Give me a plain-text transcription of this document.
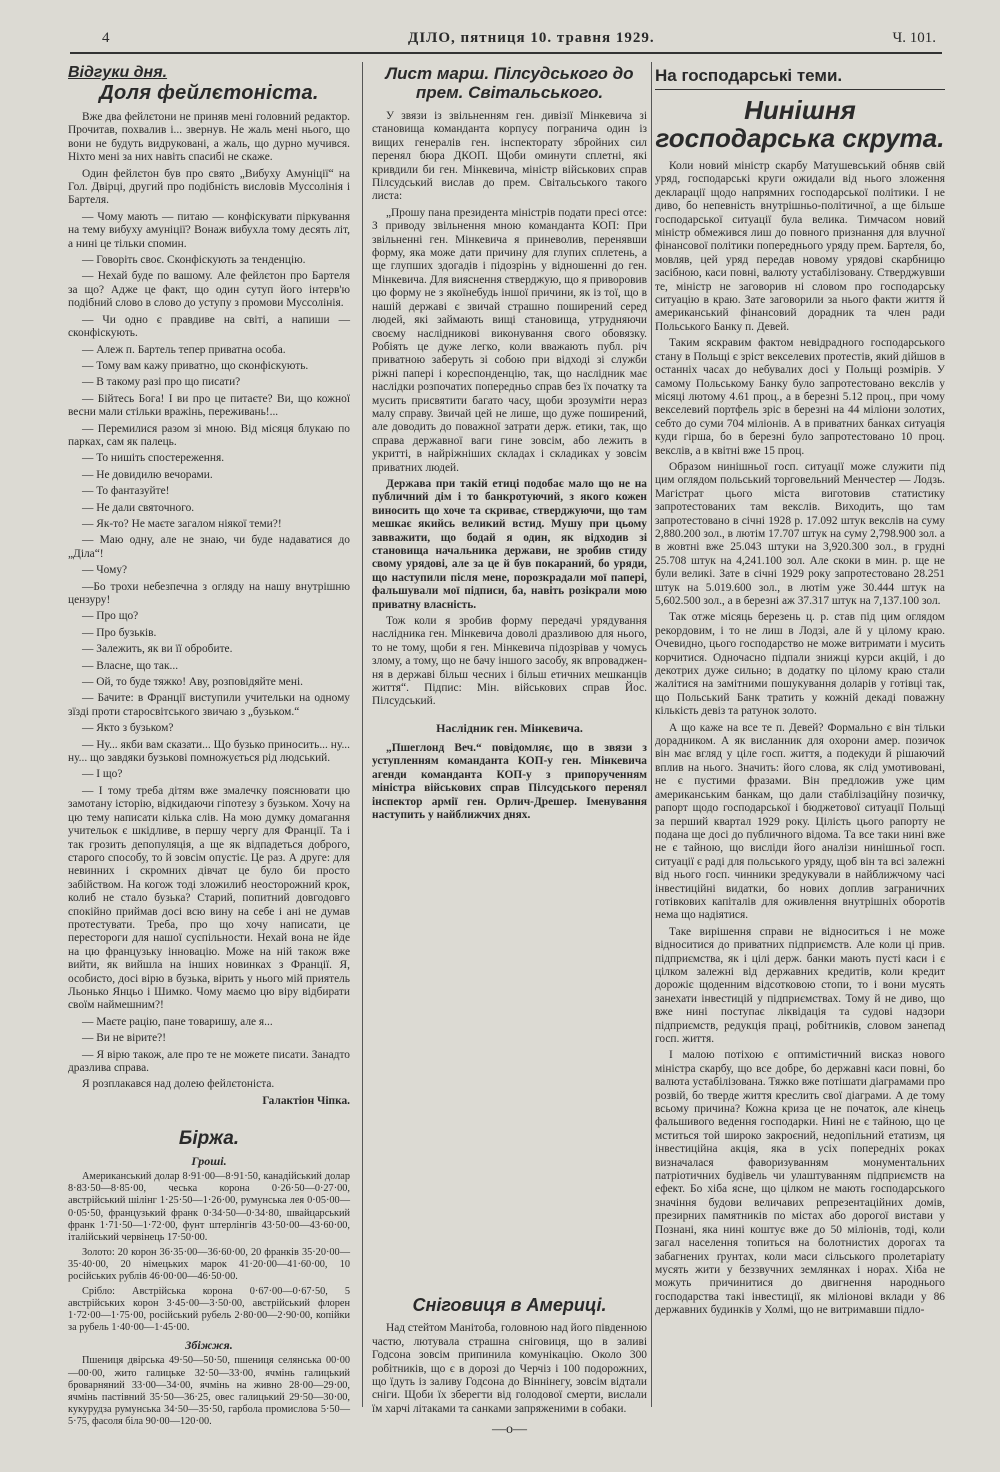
4	ДІЛО, пятниця 10. травня 1929.	Ч. 101.
Відгуки дня.
Доля фейлєтоніста.

Вже два фейлєтони не приняв мені головний редактор. Прочитав, похвалив і... звернув. Не жаль мені нього, що вони не будуть видруковані, а жаль, що дурно мучився. Ніхто мені за них навіть спасибі не скаже.

Один фейлєтон був про свято „Вибуху Амуніції“ на Гол. Двірці, другий про подібність висловів Муссолінія і Бартеля.

— Чому мають — питаю — конфіскувати піркування на тему вибуху амуніції? Вонаж вибухла тому десять літ, а нині це тільки спомин.

— Говоріть своє. Сконфіскують за тенденцію.

— Нехай буде по вашому. Але фейлєтон про Бартеля за що? Адже це факт, що один сутуп його інтерв'ю подібний слово в слово до уступу з промови Муссолінія.

— Чи одно є правдиве на світі, а напиши — сконфіскують.

— Алеж п. Бартель тепер приватна особа.

— Тому вам кажу приватно, що сконфіскують.

— В такому разі про що писати?

— Бійтесь Бога! І ви про це питаєте? Ви, що кожної весни мали стільки вражінь, переживань!...

— Перемилися разом зі мною. Від місяця блукаю по парках, сам як палець.

— То нишіть спостереження.

— Не довидилю вечорами.

— То фантазуйте!

— Не дали святочного.

— Як-то? Не маєте загалом ніякої теми?!

— Маю одну, але не знаю, чи буде надаватися до „Діла“!

— Чому?

—Бо трохи небезпечна з огляду на нашу внутрішню цензуру!

— Про що?

— Про бузьків.

— Залежить, як ви її обробите.

— Власне, що так...

— Ой, то буде тяжко! Аву, розповідяйте мені.

— Бачите: в Франції виступили учительки на одному зїзді проти старосвітського звичаю з „бузьком.“

— Якто з бузьком?

— Ну... якби вам сказати... Що бузько приносить... ну... ну... що завдяки бузькові помножується рід людський.

— І що?

— І тому треба дітям вже змалечку пояснювати цю замотану історію, відкидаючи гіпотезу з бузьком. Хочу на цю тему написати кілька слів. На мою думку домагання учительок є шкідливе, в першу чергу для Франції. Та і так грозить депопуляція, а ще як відпадеться доброго, старого способу, то й зовсім опустіє. Це раз. А друге: для невинних і скромних дівчат це було би просто забійством. На когож тоді зложилиб неосторожний крок, колиб не стало бузька? Старий, попитний довгодовго спокійно приймав досі всю вину на себе і ані не думав протестувати. Треба, про що хочу написати, це перестороги для нашої суспільности. Нехай вона не йде на цю французьку інновацію. Може на ній також вже вийти, як вийшла на інших новинках з Франції. Я, особисто, досі вірю в бузька, вірить у нього мій приятель Льонько Янцьо і Шимко. Чому маємо цю віру відбирати своїм наймешним?!

— Маєте рацію, пане товаришу, але я...

— Ви не вірите?!

— Я вірю також, але про те не можете писати. Занадто дразлива справа.

Я розплакався над долею фейлєтоніста.

Галактіон Чіпка.

Біржа.
Гроші.

Американський долар 8·91·00—8·91·50, канадійський долар 8·83·50—8·85·00, чеська корона 0·26·50—0·27·00, австрійський шілінг 1·25·50—1·26·00, румунська лея 0·05·00—0·05·50, французький франк 0·34·50—0·34·80, швайцарський франк 1·71·50—1·72·00, фунт штерлінгів 43·50·00—43·60·00, італійський червінець 17·50·00.

Золото: 20 корон 36·35·00—36·60·00, 20 франків 35·20·00—35·40·00, 20 німецьких марок 41·20·00—41·60·00, 10 російських рублів 46·00·00—46·50·00.

Срібло: Австрійська корона 0·67·00—0·67·50, 5 австрійських корон 3·45·00—3·50·00, австрійський флорен 1·72·00—1·75·00, російський рубель 2·80·00—2·90·00, копійки за рубель 1·40·00—1·45·00.

Збіжжя.

Пшениця двірська 49·50—50·50, пшениця селянська 00·00—00·00, жито галицьке 32·50—33·00, ячмінь галицький броварняний 33·00—34·00, ячмінь на живно 28·00—29·00, ячмінь пастівний 35·50—36·25, овес галицький 29·50—30·00, кукурудза румунська 34·50—35·50, гарбола промислова 5·50—5·75, фасоля біла 90·00—120·00.

Лист марш. Пілсудського до прем. Світальського.

У звязи із звільненням ген. дивізії Мінкевича зі становища команданта корпусу погранича один із вищих генералів ген. інспекторату збройних сил перенял бюра ДКОП. Щоби оминути сплетні, які кривдили би ген. Мінкевича, міністр військових справ Пілсудський вислав до прем. Світальського такого листа:

„Прошу пана президента міністрів подати пресі отсе: З приводу звільнення мною команданта КОП: При звільненні ген. Мінкевича я приневолив, перенявши форму, яка може дати причину для глупих сплетень, а ще глупших здогадів і підозрінь у відношенні до ген. Мінкевича. Для вияснення стверджую, що я приворовив цю форму не з якоїнебудь іншої причини, як із тої, що в нашій державі є звичай страшно поширений серед людей, які займають вищі становища, утрудняючи своєму наслідникові виконування свого обовязку. Робіять це дуже легко, коли вважають публ. річ приватною забеpуть зі собою при відході зі служби ріжні папері і кореспонденцію, так, що наслідник має наслідки розпочатих попередньо справ без їх початку та мусить присвятити багато часу, щоби зрозуміти нераз малу справу. Звичай цей не лише, що дуже поширений, але доводить до поважної затрати держ. етики, так, що справа державної ваги гине зовсім, або лежить в укритті, в найріжніших складах і складиках у зовсім приватних людей.

Держава при такій етиці подобає мало що не на публичний дім і то банкротуючий, з якого кожен виносить що хоче та скриває, стверджуючи, що там мешкає якийсь великий встид. Мушу при цьому завважити, що бодай я один, як відходив зі становища начальника держави, не зробив стиду свому урядові, але за це й був покараний, бо уряди, що наступили після мене, порозкрадали мої папері, фальшували мої підписи, ба, навіть розікрали мою приватну власність.

Тож коли я зробив форму передачі урядування наслідника ген. Мінкевича доволі дразливою для нього, то не тому, щоби я ген. Мінкевича підозрівав у чомусь злому, а тому, що не бачу іншого засобу, як впровадження в державі більш чесних і більш етичних мешканців життя“. Підпис: Мін. військових справ Йос. Пілсудський.

Наслідник ген. Мінкевича.

„Пшеглонд Веч.“ повідомляє, що в звязи з уступленням команданта КОП-у ген. Мінкевича агенди команданта КОП-у з припорученням міністра військових справ Пілсудського перенял інспектор армії ген. Орлич-Дрешер. Іменування наступить у найближчих днях.

Сніговиця в Америці.

Над стейтом Манітоба, головною над його південною частю, лютувала страшна сніговиця, що в заливі Годсона зовсім припинила комунікацію. Около 300 робітників, що є в дорозі до Черчіз і 100 подорожних, що їдуть із заливу Годсона до Віннінегу, зовсім відтали сніги. Щоби їх зберегти від голодової смерти, вислали їм харчі літаками та санками запряженими в собаки.

—o—
На господарські теми.
Нинішня господарська скрута.

Коли новий міністр скарбу Матушевський обняв свій уряд, господарські круги ожидали від нього зложення декларації щодо напрямних господарської політики. І не диво, бо непевність внутрішньо-політичної, а ще більше господарської ситуації була велика. Тимчасом новий міністр обмежився лиш до повного признання для влучної фінансової політики попереднього уряду прем. Бартеля, бо, мовляв, цей уряд передав новому урядові скарбницю засібною, каси повні, валюту устабілізовану. Стверджувши те, міністр не заговорив ні словом про господарську ситуацію в краю. Зате заговорили за нього факти життя й американський фінансовий дорадник та член ради Польського Банку п. Девей.

Таким яскравим фактом невідрадного господарського стану в Польщі є зріст векселевих протестів, який дійшов в останніх часах до небувалих досі у Польщі розмірів. У самому Польському Банку було запротестовано векслів у місяці лютому 4.61 проц., а в березні 5.12 проц., при чому векселевий портфель зріс в березні на 44 міліони золотих, себто до суми 704 міліонів. А в приватних банках ситуація куди гірша, бо в березні було запротестовано 10 проц. векслів, а в квітні вже 15 проц.

Образом нинішньої госп. ситуації може служити під цим оглядом польський торговельний Менчестер — Лодзь. Магістрат цього міста виготовив статистику запротестованих там векслів. Виходить, що там запротестовано в січні 1928 р. 17.092 штук векслів на суму 2,880.200 зол., в лютім 17.707 штук на суму 2,798.900 зол. а в жовтні вже 25.043 штуки на 3,920.300 зол., в грудні 25.708 штук на 4,241.100 зол. Але скоки в мин. р. ще не були великі. Зате в січні 1929 року запротестовано 28.251 штук на 5.019.600 зол., в лютім уже 30.444 штук на 5,602.500 зол., а в березні аж 37.317 штук на 7,137.100 зол.

Так отже місяць березень ц. р. став під цим оглядом рекордовим, і то не лиш в Лодзі, але й у цілому краю. Очевидно, цього господарство не може витримати і мусить корчитися. Одночасно підпали знижці курси акцій, і до декотрих дуже сильно; в додатку по цілому краю стали жалітися на замітними пошукування доларів у готівці так, що Польський Банк тратить у кожній декаді поважну кількість девіз та ратунок золото.

А що каже на все те п. Девей? Формально є він тільки дорадником. А як висланник для охорони амер. позичок він має вгляд у ціле госп. життя, а подекуди й рішаючий вплив на нього. Значить: його слова, як слід умотивовані, не є пустими фразами. Він предложив уже цим американським банкам, що дали стабілізаційну позичку, рапорт щодо господарської і бюджетової ситуації Польщі за перший квартал 1929 року. Цілість цього рапорту не подана ще досі до публичного відома. Та все таки нині вже не є тайною, що висліди його аналізи нинішньої госп. ситуації є раді для польського уряду, щоб він та всі залежні від нього госп. чинники зредукували в найближчому часі інвестиційні видатки, бо нових доплив заграничних готівкових капіталів для оживлення внутрішніх оборотів нема що надіятися.

Таке вирішення справи не відноситься і не може відноситися до приватних підприємств. Але коли ці прив. підприємства, як і цілі держ. банки мають пусті каси і є цілком залежні від державних кредитів, коли кредит дорожіє щоденним відсотковою стопи, то і вони мусять занехати інвестицій у підприємствах. Тому й не диво, що вже нині поступає ліквідація та судові надзори підприємств, редукція праці, робітників, словом занепад госп. життя.

І малою потіхою є оптимістичний висказ нового міністра скарбу, що все добре, бо державні каси повні, бо валюта устабілізована. Тяжко вже потішати діаграмами про розвій, бо тверде життя креслить свої діаграми. А де тому всьому причина? Кожна криза це не початок, але кінець фальшивого ведення господарки. Нині не є тайною, що це мститься той широко закроєний, недопільний етатизм, ця інвестиційна акція, яка в усіх попередніх роках визначалася фаворизуванням монументальних патріотичних будівель чи улаштуванням підприємств на ефект. Бо хіба ясне, що цілком не мають господарського значіння будови величавих репрезентаційних домів, презирних памятників по містах або дорогої вистави у Познані, яка нині коштує вже до 50 міліонів, тоді, коли загал населення топиться на болотнистих дорогах та забагнених ґрунтах, коли маси сільського пролетаріату мусять жити у беззвучних землянках і норах. Хіба не можуть причинитися до двигнення народнього господарства такі інвестиції, як міліонові вклади у 86 державних будинків у Холмі, що не витримавши підло-
